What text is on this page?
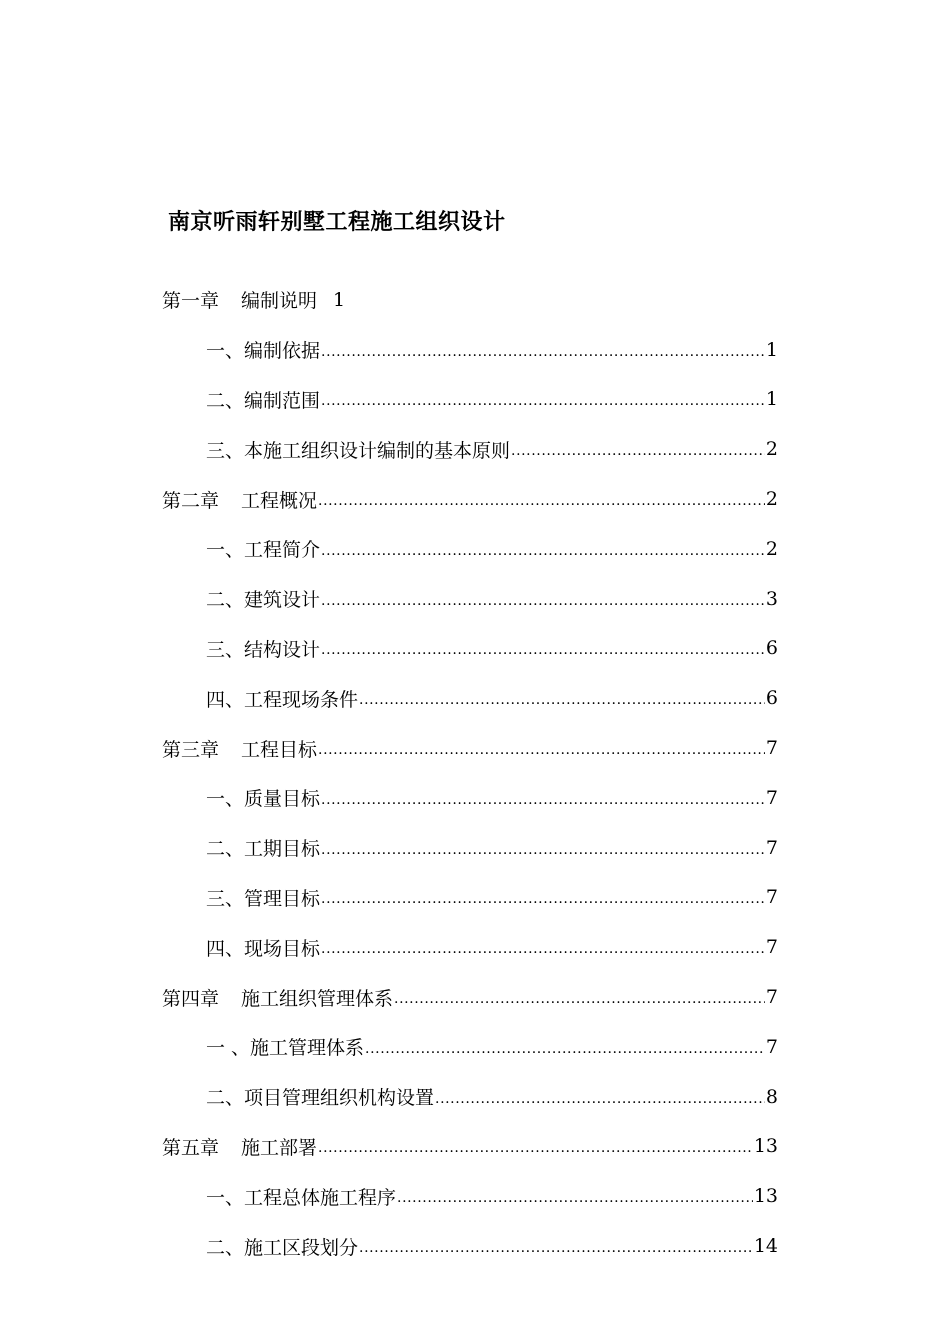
南京听雨轩别墅工程施工组织设计
第一章 编制说明 1
一、编制依据 .....	1
二、编制范围 .....	1
三、本施工组织设计编制的基本原则 .....	2
第二章 工程概况 .....	2
一、工程简介 .....	2
二、建筑设计 .....	3
三、结构设计 .....	6
四、工程现场条件 .....	6
第三章 工程目标 .....	7
一、质量目标 .....	7
二、工期目标 .....	7
三、管理目标 .....	7
四、现场目标 .....	7
第四章 施工组织管理体系 .....	7
一 、施工管理体系 .....	7
二、项目管理组织机构设置 .....	8
第五章 施工部署 .....	13
一、工程总体施工程序 .....	13
二、施工区段划分 .....	14
